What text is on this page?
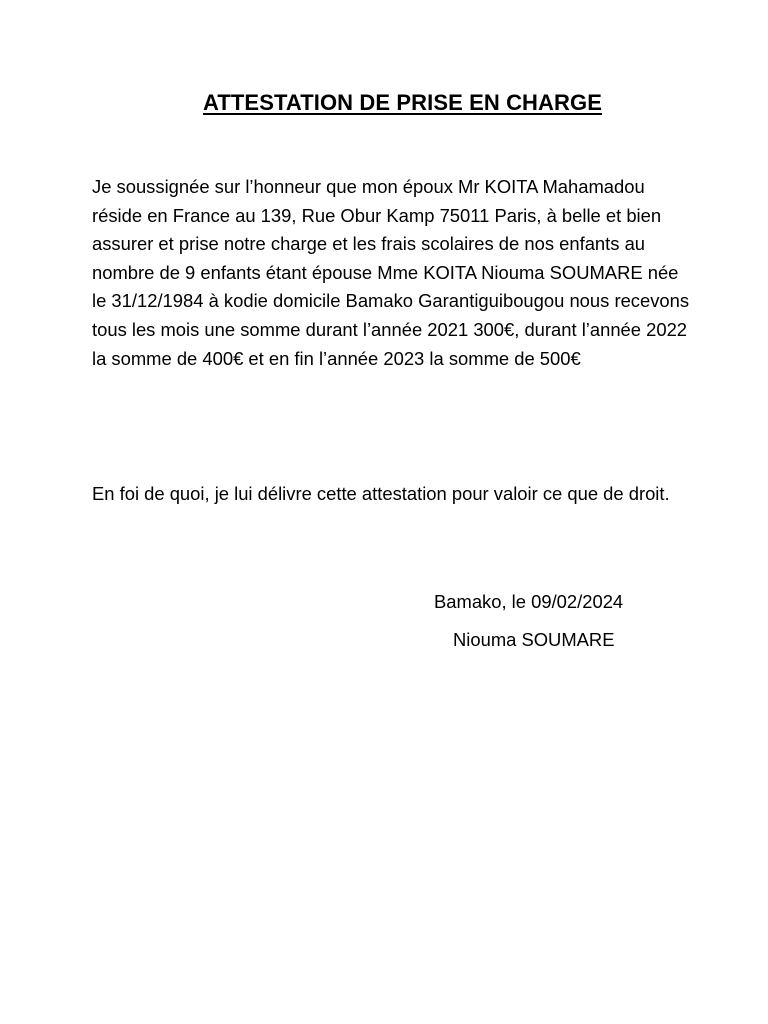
ATTESTATION DE PRISE EN CHARGE

Je soussignée sur l’honneur que mon époux Mr KOITA Mahamadou réside en France au 139, Rue Obur Kamp 75011 Paris, à belle et bien assurer et prise notre charge et les frais scolaires de nos enfants au nombre de 9 enfants étant épouse Mme KOITA Niouma SOUMARE née le 31/12/1984 à kodie domicile Bamako Garantiguibougou nous recevons tous les mois une somme durant l’année 2021 300€, durant l’année 2022 la somme de 400€ et en fin l’année 2023 la somme de 500€

En foi de quoi, je lui délivre cette attestation pour valoir ce que de droit.

Bamako, le 09/02/2024
Niouma SOUMARE
